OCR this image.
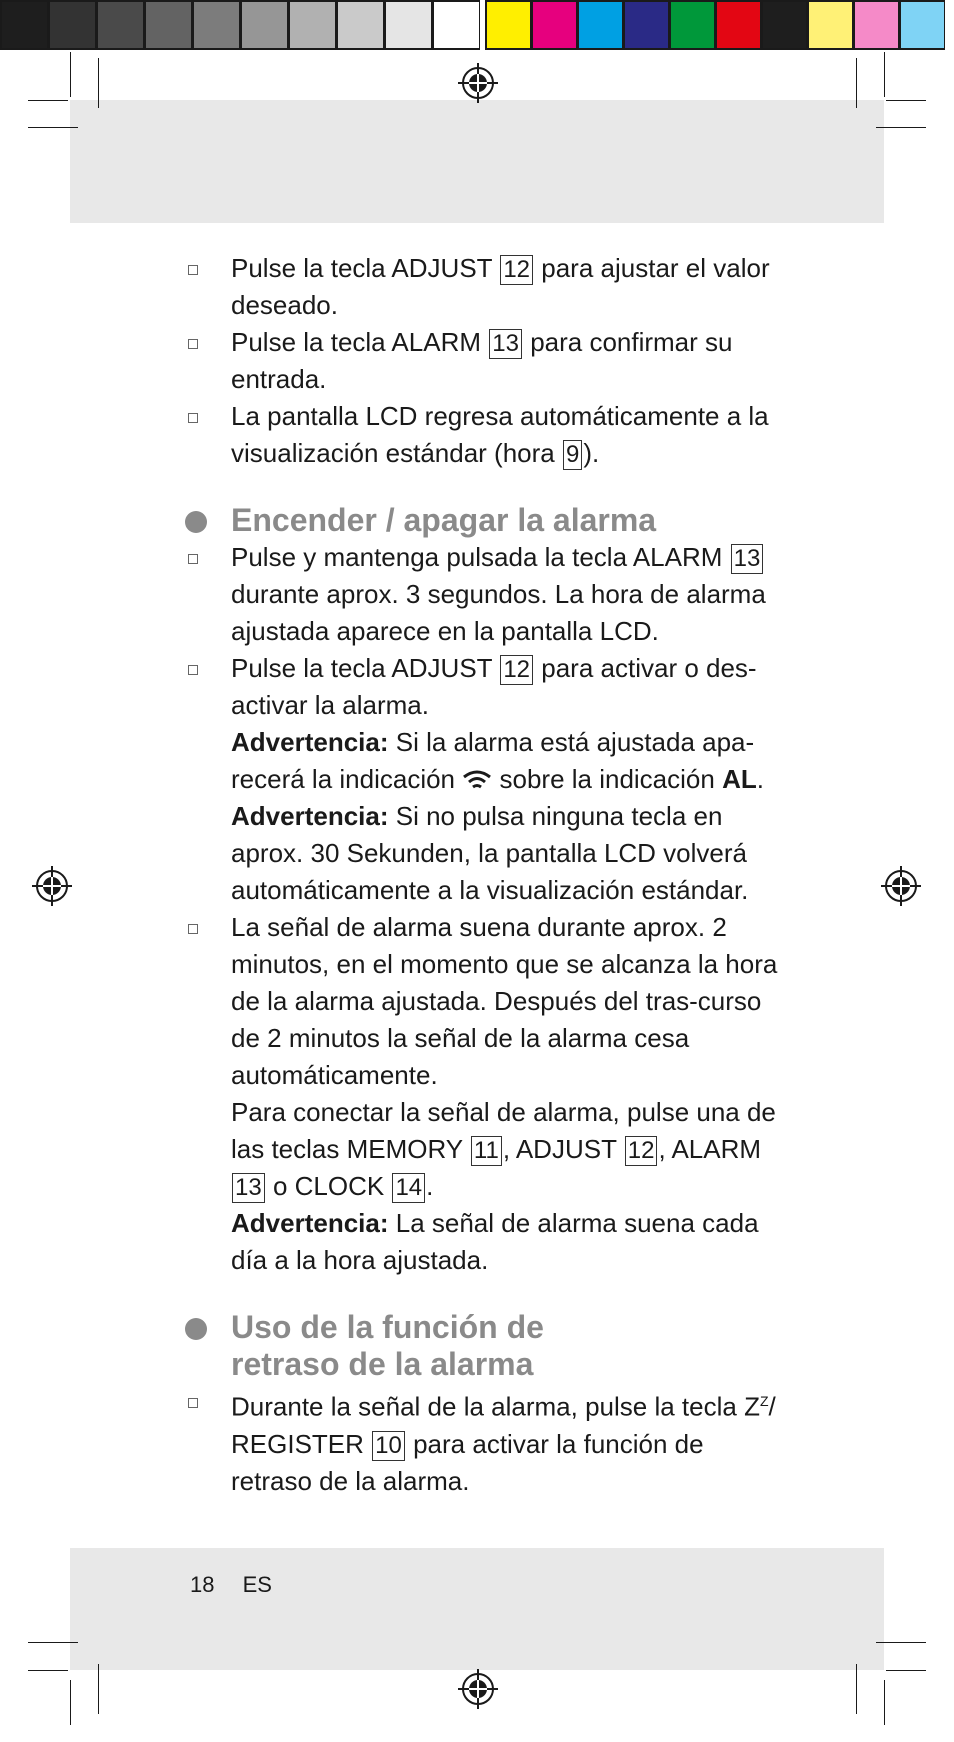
Pulse la tecla ADJUST 12 para ajustar el valor deseado.
Pulse la tecla ALARM 13 para confirmar su entrada.
La pantalla LCD regresa automáticamente a la visualización estándar (hora 9 ).
Encender / apagar la alarma
Pulse y mantenga pulsada la tecla ALARM 13 durante aprox. 3 segundos. La hora de alarma ajustada aparece en la pantalla LCD.
Pulse la tecla ADJUST 12 para activar o des-activar la alarma.
Advertencia: Si la alarma está ajustada apa-recerá la indicación sobre la indicación AL.
Advertencia: Si no pulsa ninguna tecla en aprox. 30 Sekunden, la pantalla LCD volverá automáticamente a la visualización estándar.
La señal de alarma suena durante aprox. 2 minutos, en el momento que se alcanza la hora de la alarma ajustada. Después del tras-curso de 2 minutos la señal de la alarma cesa automáticamente.
Para conectar la señal de alarma, pulse una de las teclas MEMORY 11 , ADJUST 12 , ALARM 13 o CLOCK 14 .
Advertencia: La señal de alarma suena cada día a la hora ajustada.
Uso de la función de
retraso de la alarma
Durante la señal de la alarma, pulse la tecla $Z^Z/$ REGISTER 10 para activar la función de retraso de la alarma.
18 ES
